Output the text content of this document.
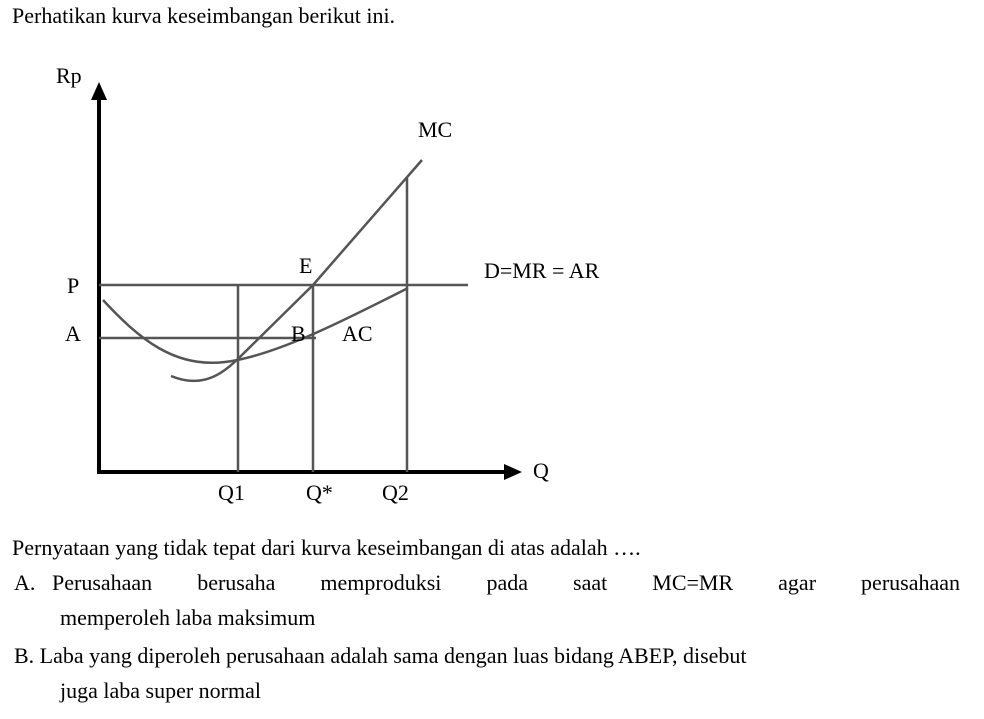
Perhatikan kurva keseimbangan berikut ini.
Rp
Q
MC
D=MR = AR
AC
P
A
E
B
Q1	Q* Q2
Pernyataan yang tidak tepat dari kurva keseimbangan di atas adalah ….
A. Perusahaan berusaha memproduksi pada saat MC=MR agar perusahaan
memperoleh laba maksimum
B. Laba yang diperoleh perusahaan adalah sama dengan luas bidang ABEP, disebut
juga laba super normal
